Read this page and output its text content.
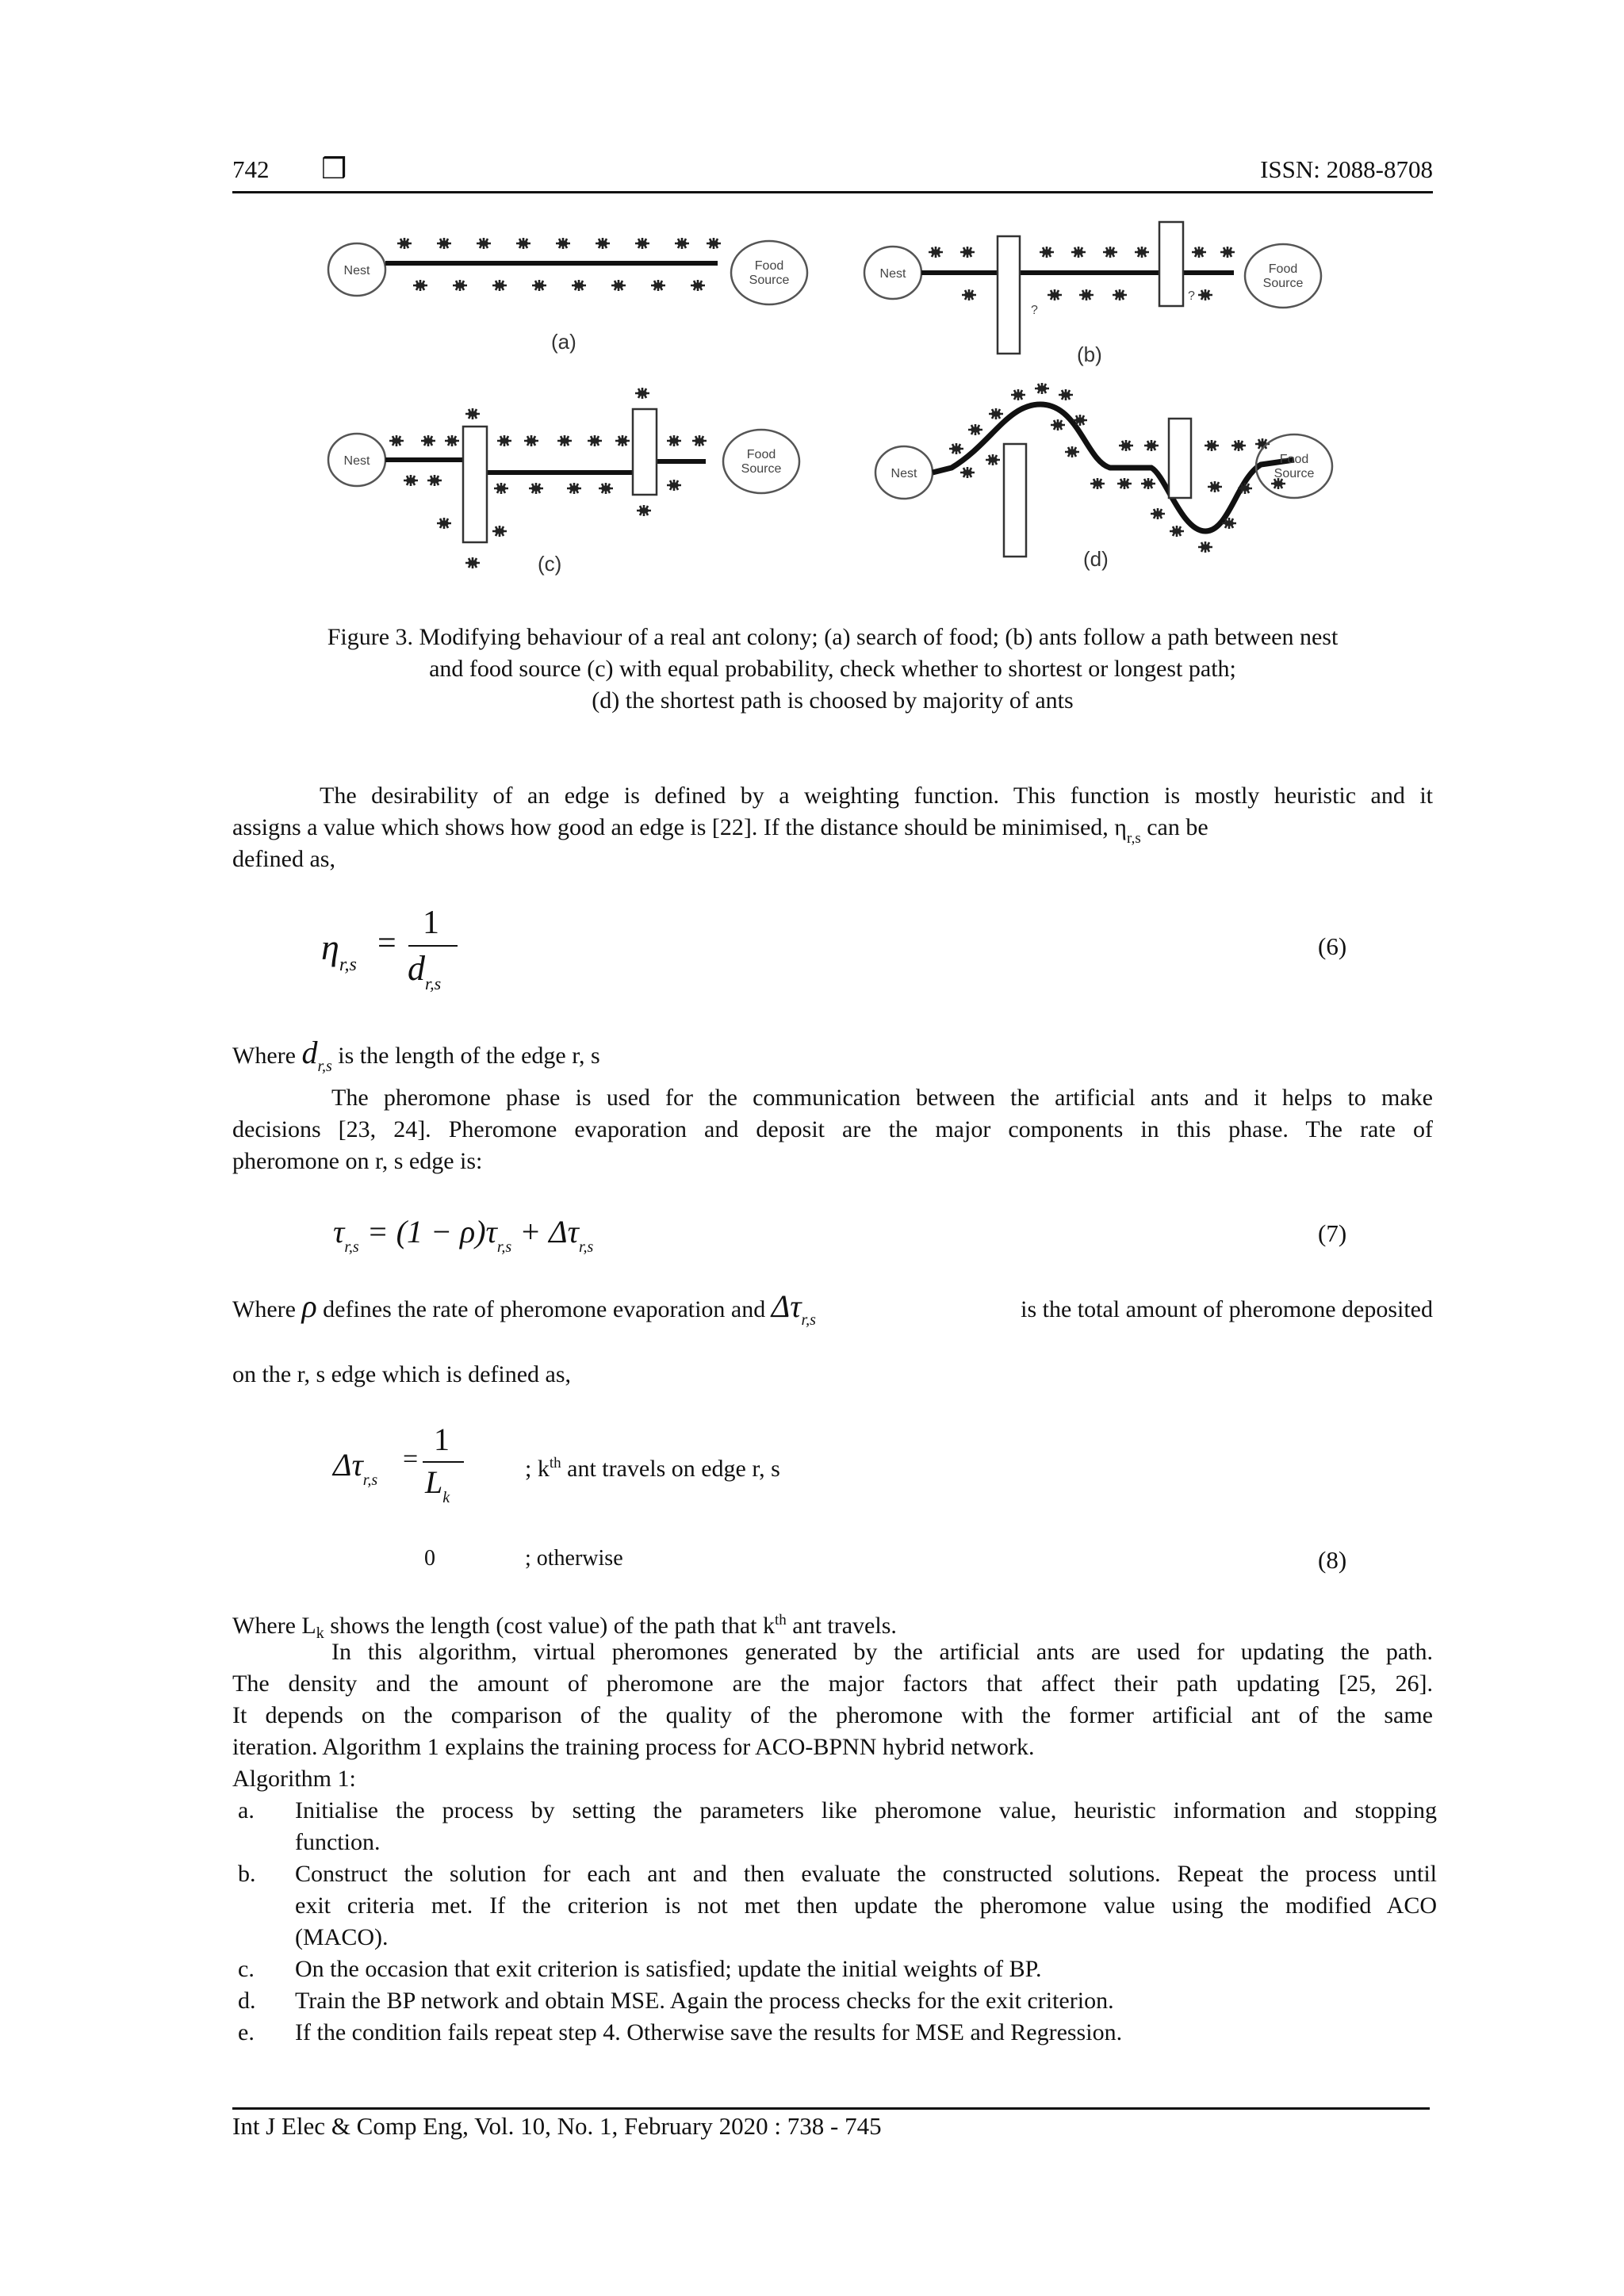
742 ❒	ISSN: 2088-8708
Nest	Food
Source
(a)
Nest
?
?
Food
Source
(b)
Nest	Food
Source
(c)
Nest
Food
Source
(d)
Figure 3. Modifying behaviour of a real ant colony; (a) search of food; (b) ants follow a path between nest
and food source (c) with equal probability, check whether to shortest or longest path;
(d) the shortest path is choosed by majority of ants
The desirability of an edge is defined by a weighting function. This function is mostly heuristic and it
assigns a value which shows how good an edge is [22]. If the distance should be minimised, $\eta_{r,s}$ can be
defined as,
$\eta_{r,s}$
=
1
$d_{r,s}$
(6)
Where $d_{r,s}$ is the length of the edge r, s
The pheromone phase is used for the communication between the artificial ants and it helps to make
decisions [23, 24]. Pheromone evaporation and deposit are the major components in this phase. The rate of
pheromone on r, s edge is:
$\tau_{r,s} = (1 - \rho)\tau_{r,s} + \Delta\tau_{r,s}$	(7)
Where ρ defines the rate of pheromone evaporation and $\Delta\tau_{r,s}$	is the total amount of pheromone deposited
on the r, s edge which is defined as,
$\Delta\tau_{r,s}$
=
1
$L_k$
; $k^{th}$ ant travels on edge r, s
0	; otherwise	(8)
Where $L_k$ shows the length (cost value) of the path that $k^{th}$ ant travels.
In this algorithm, virtual pheromones generated by the artificial ants are used for updating the path.
The density and the amount of pheromone are the major factors that affect their path updating [25, 26].
It depends on the comparison of the quality of the pheromone with the former artificial ant of the same
iteration. Algorithm 1 explains the training process for ACO-BPNN hybrid network.
Algorithm 1:
a. Initialise the process by setting the parameters like pheromone value, heuristic information and stopping
function.
b. Construct the solution for each ant and then evaluate the constructed solutions. Repeat the process until
exit criteria met. If the criterion is not met then update the pheromone value using the modified ACO
(MACO).
c. On the occasion that exit criterion is satisfied; update the initial weights of BP.
d. Train the BP network and obtain MSE. Again the process checks for the exit criterion.
e. If the condition fails repeat step 4. Otherwise save the results for MSE and Regression.
Int J Elec & Comp Eng, Vol. 10, No. 1, February 2020 : 738 - 745
